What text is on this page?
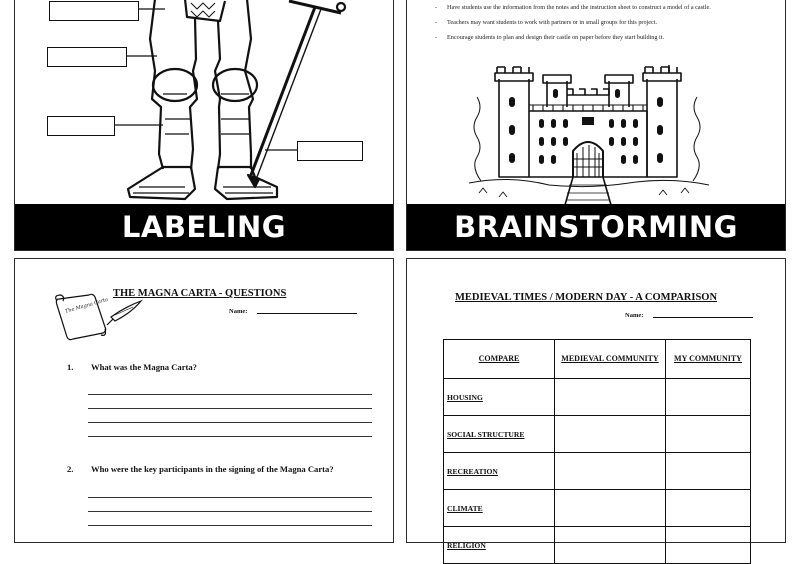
LABELING
- Have students use the information from the notes and the instruction sheet to construct a model of a castle.
- Teachers may want students to work with partners or in small groups for this project.
- Encourage students to plan and design their castle on paper before they start building it.
BRAINSTORMING
The Magna Carta
THE MAGNA CARTA - QUESTIONS
Name:
1. What was the Magna Carta?
2. Who were the key participants in the signing of the Magna Carta?
MEDIEVAL TIMES / MODERN DAY - A COMPARISON
Name:
COMPARE	MEDIEVAL COMMUNITY	MY COMMUNITY
HOUSING		
SOCIAL STRUCTURE		
RECREATION		
CLIMATE		
RELIGION		
